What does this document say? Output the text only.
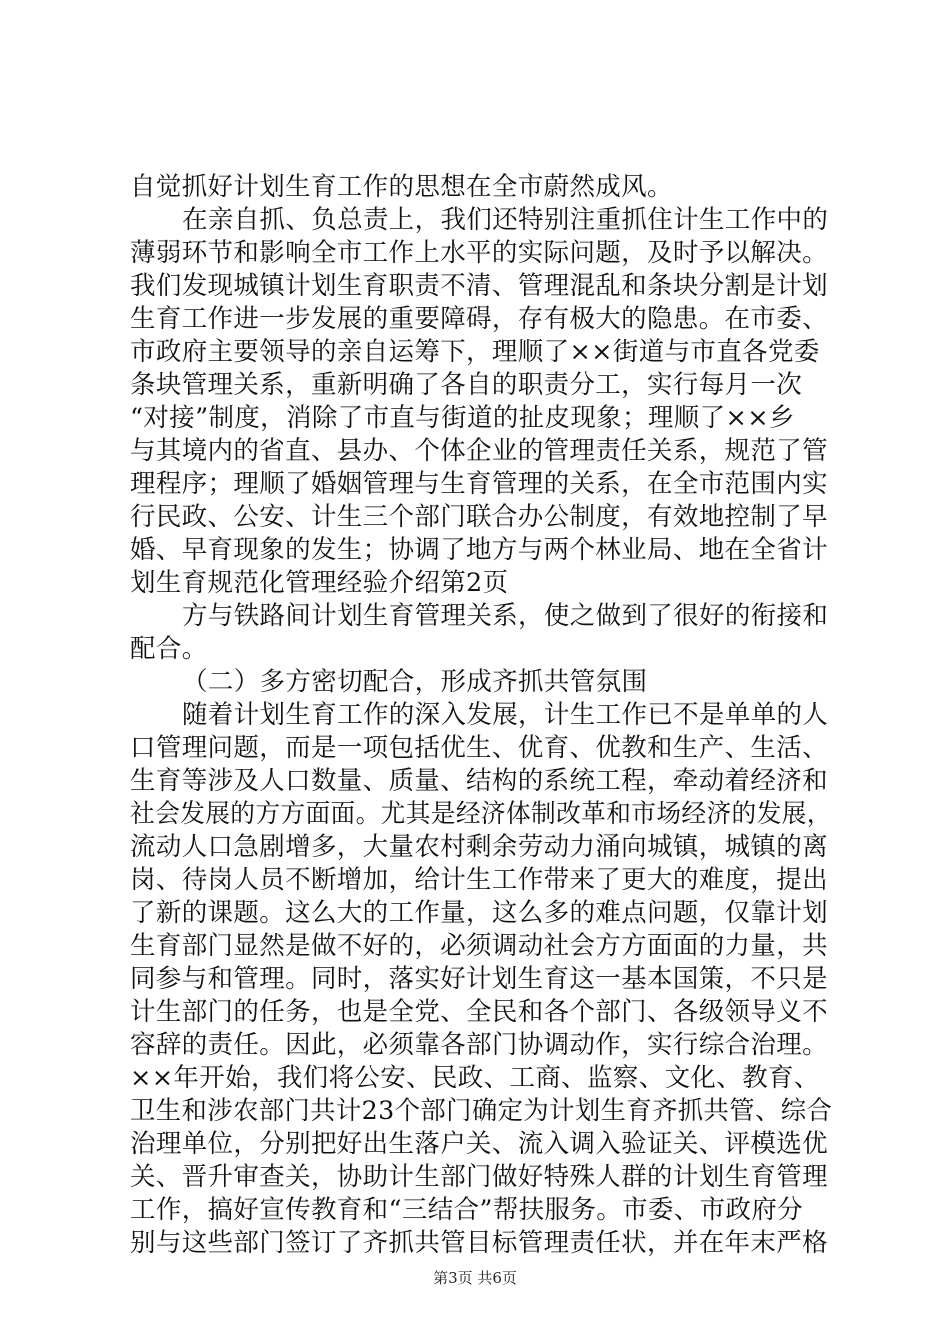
自觉抓好计划生育工作的思想在全市蔚然成风。
在亲自抓、负总责上，我们还特别注重抓住计生工作中的
薄弱环节和影响全市工作上水平的实际问题，及时予以解决。
我们发现城镇计划生育职责不清、管理混乱和条块分割是计划
生育工作进一步发展的重要障碍，存有极大的隐患。在市委、
市政府主要领导的亲自运筹下，理顺了××街道与市直各党委
条块管理关系，重新明确了各自的职责分工，实行每月一次
“对接”制度，消除了市直与街道的扯皮现象；理顺了××乡
与其境内的省直、县办、个体企业的管理责任关系，规范了管
理程序；理顺了婚姻管理与生育管理的关系，在全市范围内实
行民政、公安、计生三个部门联合办公制度，有效地控制了早
婚、早育现象的发生；协调了地方与两个林业局、地在全省计
划生育规范化管理经验介绍第2页
方与铁路间计划生育管理关系，使之做到了很好的衔接和
配合。
（二）多方密切配合，形成齐抓共管氛围
随着计划生育工作的深入发展，计生工作已不是单单的人
口管理问题，而是一项包括优生、优育、优教和生产、生活、
生育等涉及人口数量、质量、结构的系统工程，牵动着经济和
社会发展的方方面面。尤其是经济体制改革和市场经济的发展，
流动人口急剧增多，大量农村剩余劳动力涌向城镇，城镇的离
岗、待岗人员不断增加，给计生工作带来了更大的难度，提出
了新的课题。这么大的工作量，这么多的难点问题，仅靠计划
生育部门显然是做不好的，必须调动社会方方面面的力量，共
同参与和管理。同时，落实好计划生育这一基本国策，不只是
计生部门的任务，也是全党、全民和各个部门、各级领导义不
容辞的责任。因此，必须靠各部门协调动作，实行综合治理。
××年开始，我们将公安、民政、工商、监察、文化、教育、
卫生和涉农部门共计23个部门确定为计划生育齐抓共管、综合
治理单位，分别把好出生落户关、流入调入验证关、评模选优
关、晋升审查关，协助计生部门做好特殊人群的计划生育管理
工作，搞好宣传教育和“三结合”帮扶服务。市委、市政府分
别与这些部门签订了齐抓共管目标管理责任状，并在年末严格
第3页 共6页
